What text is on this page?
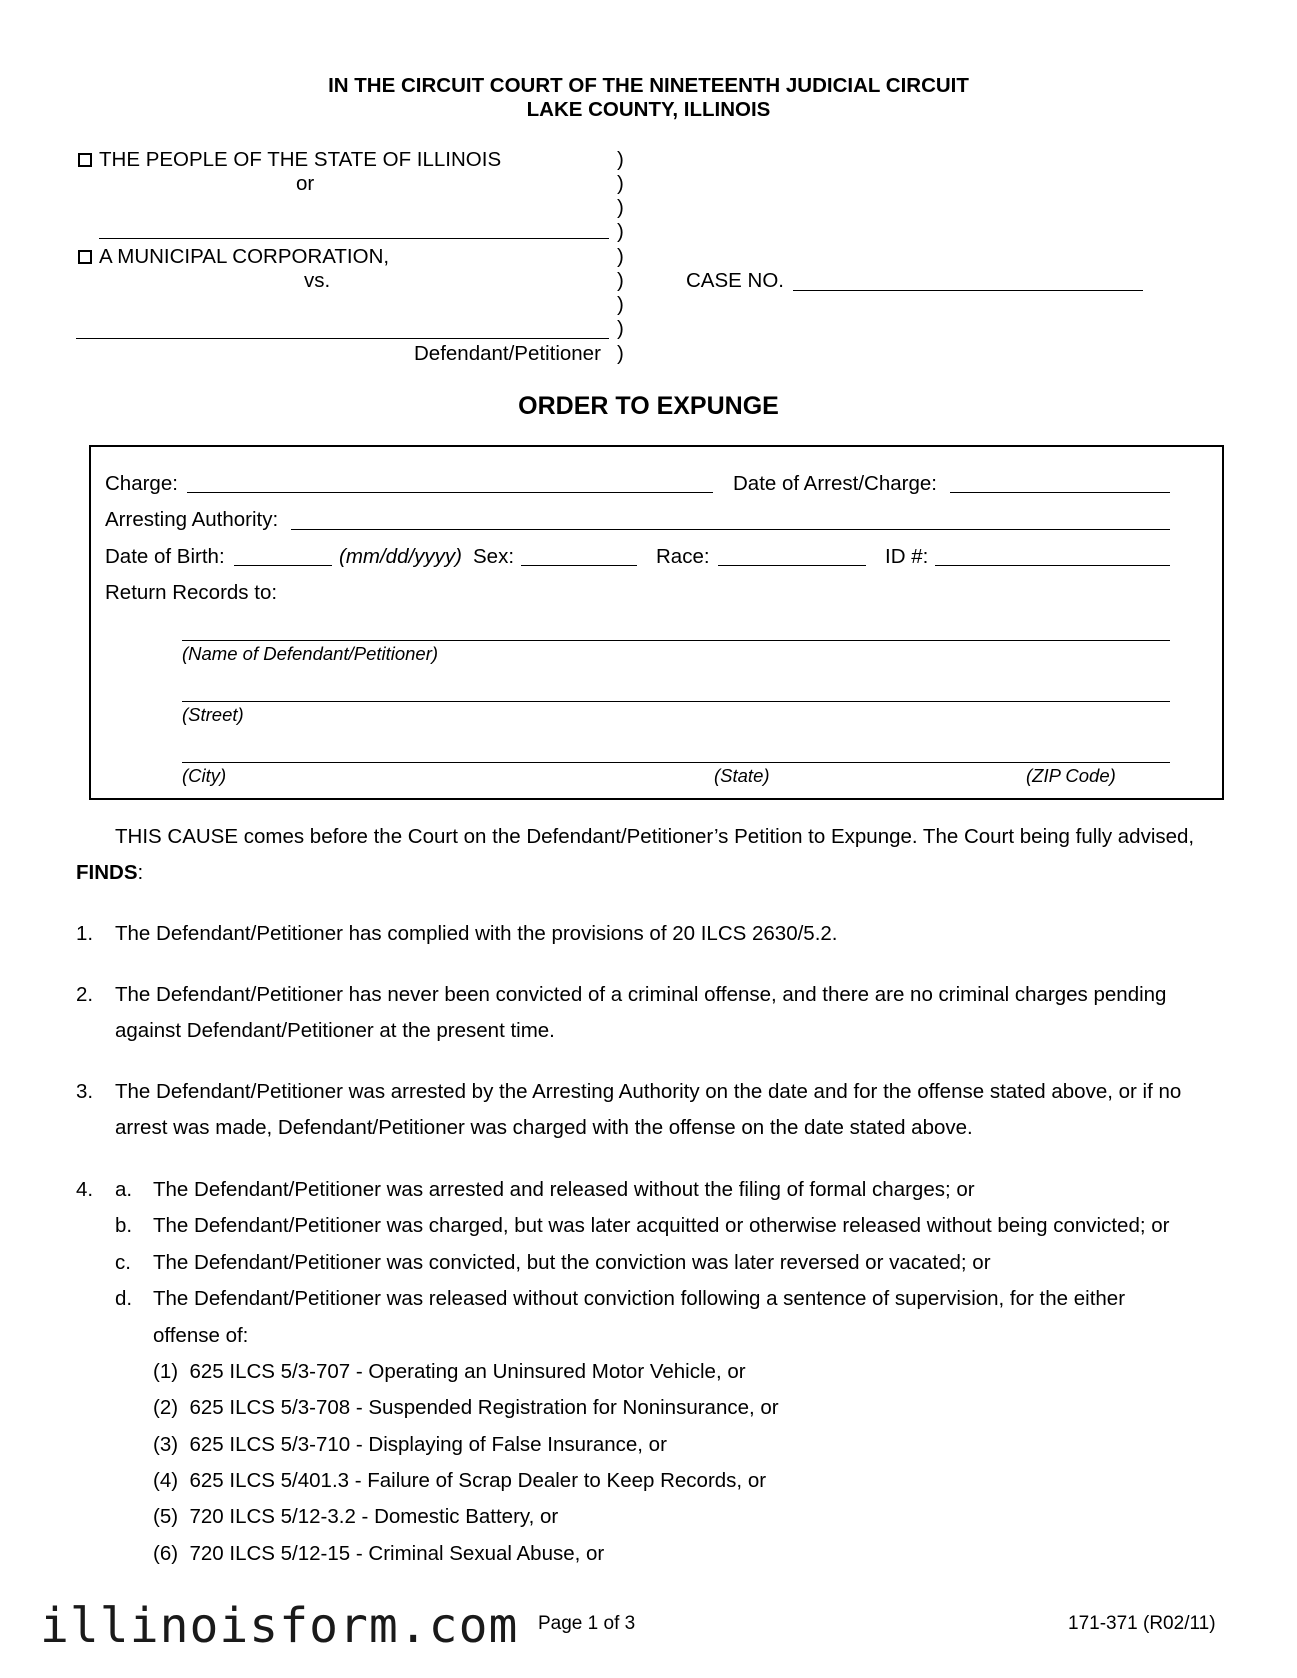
IN THE CIRCUIT COURT OF THE NINETEENTH JUDICIAL CIRCUIT
LAKE COUNTY, ILLINOIS
THE PEOPLE OF THE STATE OF ILLINOIS
or
A MUNICIPAL CORPORATION,
vs.
Defendant/Petitioner
)
)
)
)
)
)
)
)
)
CASE NO.
ORDER TO EXPUNGE
Charge:	Date of Arrest/Charge:
Arresting Authority:
Date of Birth:	(mm/dd/yyyy) Sex:	Race:	ID #:
Return Records to:
(Name of Defendant/Petitioner)
(Street)
(City)	(State)	(ZIP Code)
THIS CAUSE comes before the Court on the Defendant/Petitioner’s Petition to Expunge. The Court being fully advised,
FINDS:
1. The Defendant/Petitioner has complied with the provisions of 20 ILCS 2630/5.2.
2. The Defendant/Petitioner has never been convicted of a criminal offense, and there are no criminal charges pending
against Defendant/Petitioner at the present time.
3. The Defendant/Petitioner was arrested by the Arresting Authority on the date and for the offense stated above, or if no
arrest was made, Defendant/Petitioner was charged with the offense on the date stated above.
4. a. The Defendant/Petitioner was arrested and released without the filing of formal charges; or
b. The Defendant/Petitioner was charged, but was later acquitted or otherwise released without being convicted; or
c. The Defendant/Petitioner was convicted, but the conviction was later reversed or vacated; or
d. The Defendant/Petitioner was released without conviction following a sentence of supervision, for the either
offense of:
(1) 625 ILCS 5/3-707 - Operating an Uninsured Motor Vehicle, or
(2) 625 ILCS 5/3-708 - Suspended Registration for Noninsurance, or
(3) 625 ILCS 5/3-710 - Displaying of False Insurance, or
(4) 625 ILCS 5/401.3 - Failure of Scrap Dealer to Keep Records, or
(5) 720 ILCS 5/12-3.2 - Domestic Battery, or
(6) 720 ILCS 5/12-15 - Criminal Sexual Abuse, or
illinoisform.com Page 1 of 3	171-371 (R02/11)
